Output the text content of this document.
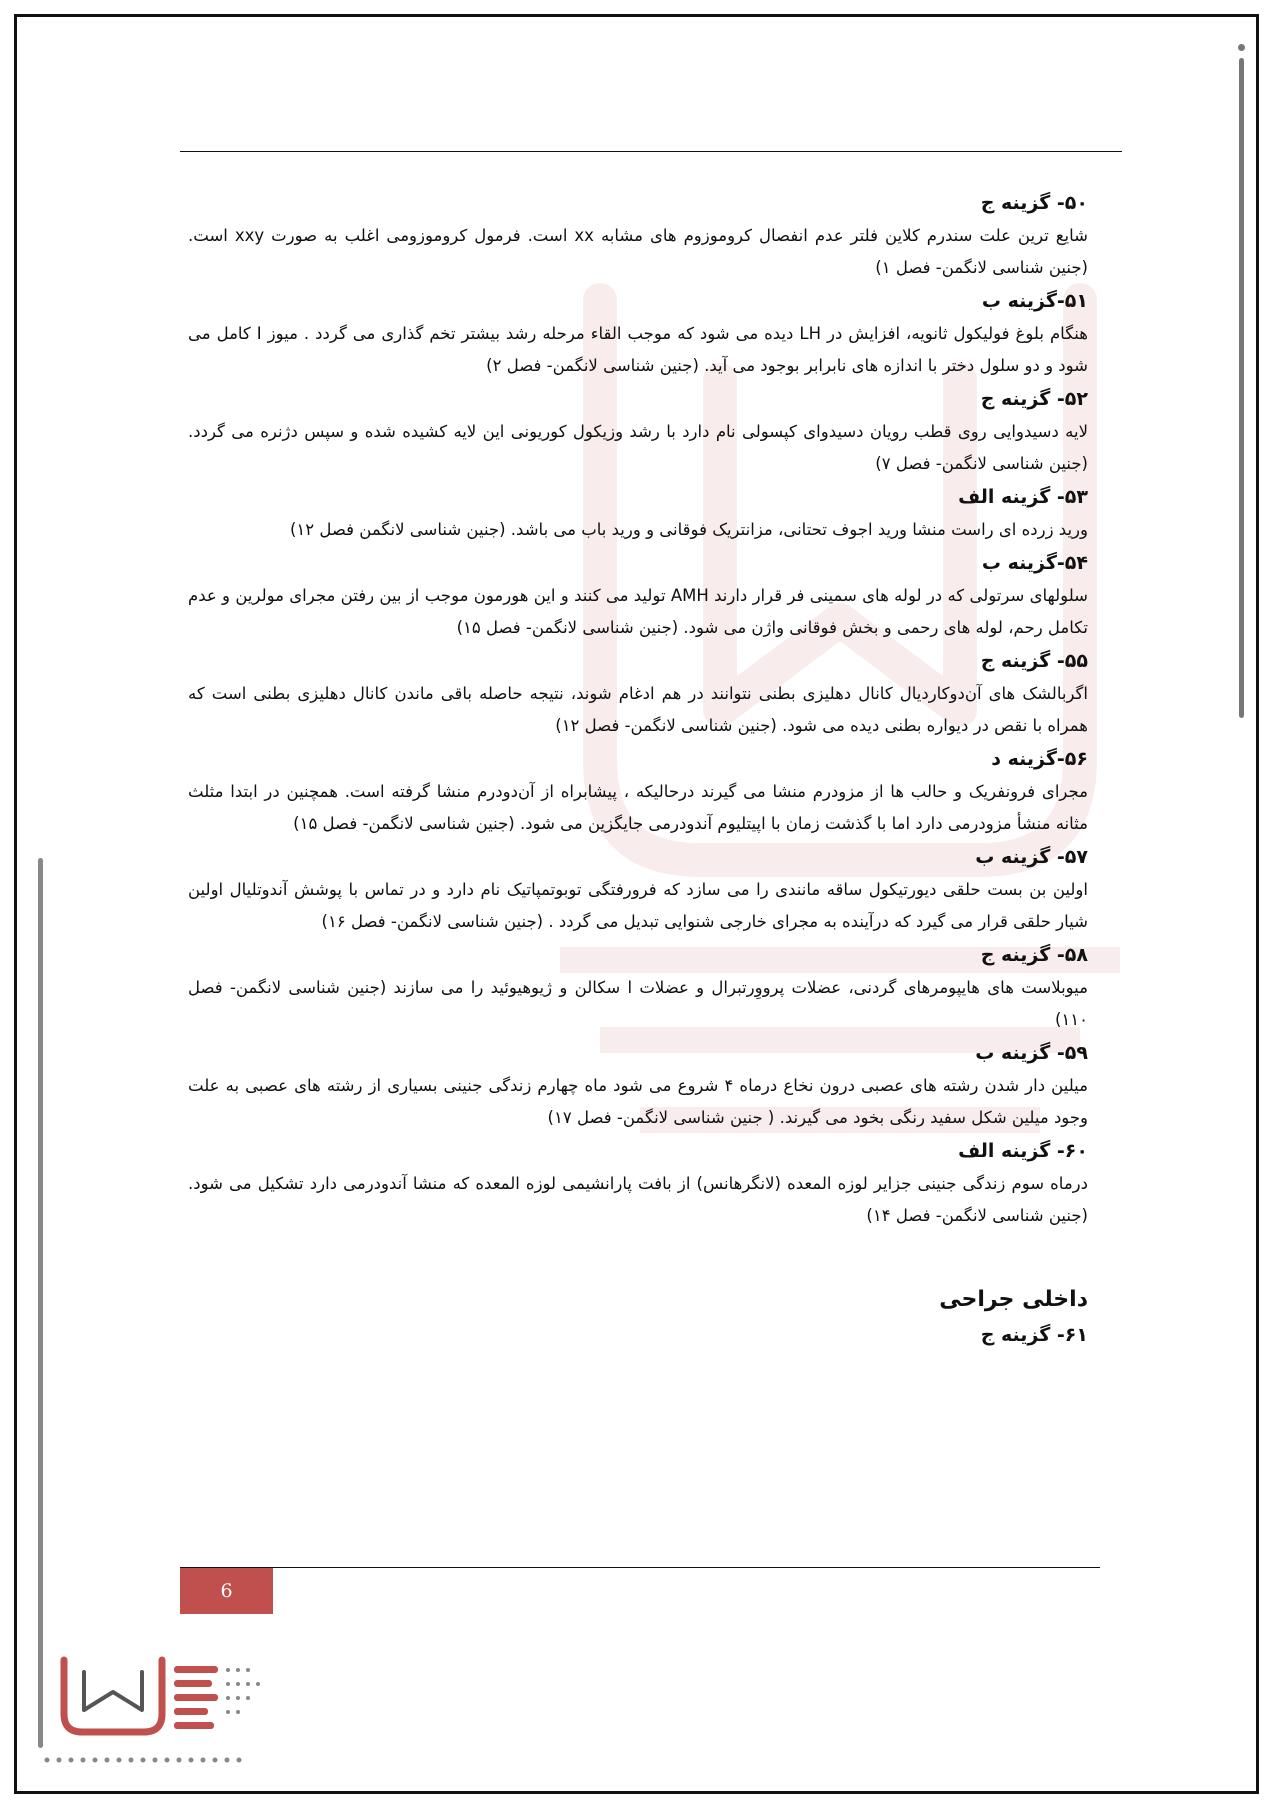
۵۰- گزینه ج
شایع ترین علت سندرم کلاین فلتر عدم انفصال کروموزوم های مشابه xx است. فرمول کروموزومی اغلب به صورت xxy است. (جنین شناسی لانگمن- فصل ۱)
۵۱-گزینه ب
هنگام بلوغ فولیکول ثانویه، افزایش در LH دیده می شود که موجب القاء مرحله رشد بیشتر تخم گذاری می گردد . میوز I کامل می شود و دو سلول دختر با اندازه های نابرابر بوجود می آید. (جنین شناسی لانگمن- فصل ۲)
۵۲- گزینه ج
لایه دسیدوایی روی قطب رویان دسیدوای کپسولی نام دارد با رشد وزیکول کوریونی این لایه کشیده شده و سپس دژنره می گردد. (جنین شناسی لانگمن- فصل ۷)
۵۳- گزینه الف
ورید زرده ای راست منشا ورید اجوف تحتانی، مزانتریک فوقانی و ورید باب می باشد. (جنین شناسی لانگمن فصل ۱۲)
۵۴-گزینه ب
سلولهای سرتولی که در لوله های سمینی فر قرار دارند AMH تولید می کنند و این هورمون موجب از بین رفتن مجرای مولرین و عدم تکامل رحم، لوله های رحمی و بخش فوقانی واژن می شود. (جنین شناسی لانگمن- فصل ۱۵)
۵۵- گزینه ج
اگربالشک های آن‌دوکاردیال کانال دهلیزی بطنی نتوانند در هم ادغام شوند، نتیجه حاصله باقی ماندن کانال دهلیزی بطنی است که همراه با نقص در دیواره بطنی دیده می شود. (جنین شناسی لانگمن- فصل ۱۲)
۵۶-گزینه د
مجرای فرونفریک و حالب ها از مزودرم منشا می گیرند درحالیکه ، پیشابراه از آن‌دودرم منشا گرفته است. همچنین در ابتدا مثلث مثانه منشأ مزودرمی دارد اما با گذشت زمان با اپیتلیوم آندودرمی جایگزین می شود. (جنین شناسی لانگمن- فصل ۱۵)
۵۷- گزینه ب
اولین بن بست حلقی دیورتیکول ساقه مانندی را می سازد که فرورفتگی توبوتمپاتیک نام دارد و در تماس با پوشش آندوتلیال اولین شیار حلقی قرار می گیرد که درآینده به مجرای خارجی شنوایی تبدیل می گردد . (جنین شناسی لانگمن- فصل ۱۶)
۵۸- گزینه ج
میوبلاست های هایپومرهای گردنی، عضلات پرووِرتبرال و عضلات ا سکالن و ژیوهیوئید را می سازند (جنین شناسی لانگمن- فصل ۱۱۰)
۵۹- گزینه ب
میلین دار شدن رشته های عصبی درون نخاع درماه ۴ شروع می شود ماه چهارم زندگی جنینی بسیاری از رشته های عصبی به علت وجود میلین شکل سفید رنگی بخود می گیرند. ( جنین شناسی لانگمن- فصل ۱۷)
۶۰- گزینه الف
درماه سوم زندگی جنینی جزایر لوزه المعده (لانگرهانس) از بافت پارانشیمی لوزه المعده که منشا آندودرمی دارد تشکیل می شود. (جنین شناسی لانگمن- فصل ۱۴)
داخلی جراحی
۶۱- گزینه ج
6
